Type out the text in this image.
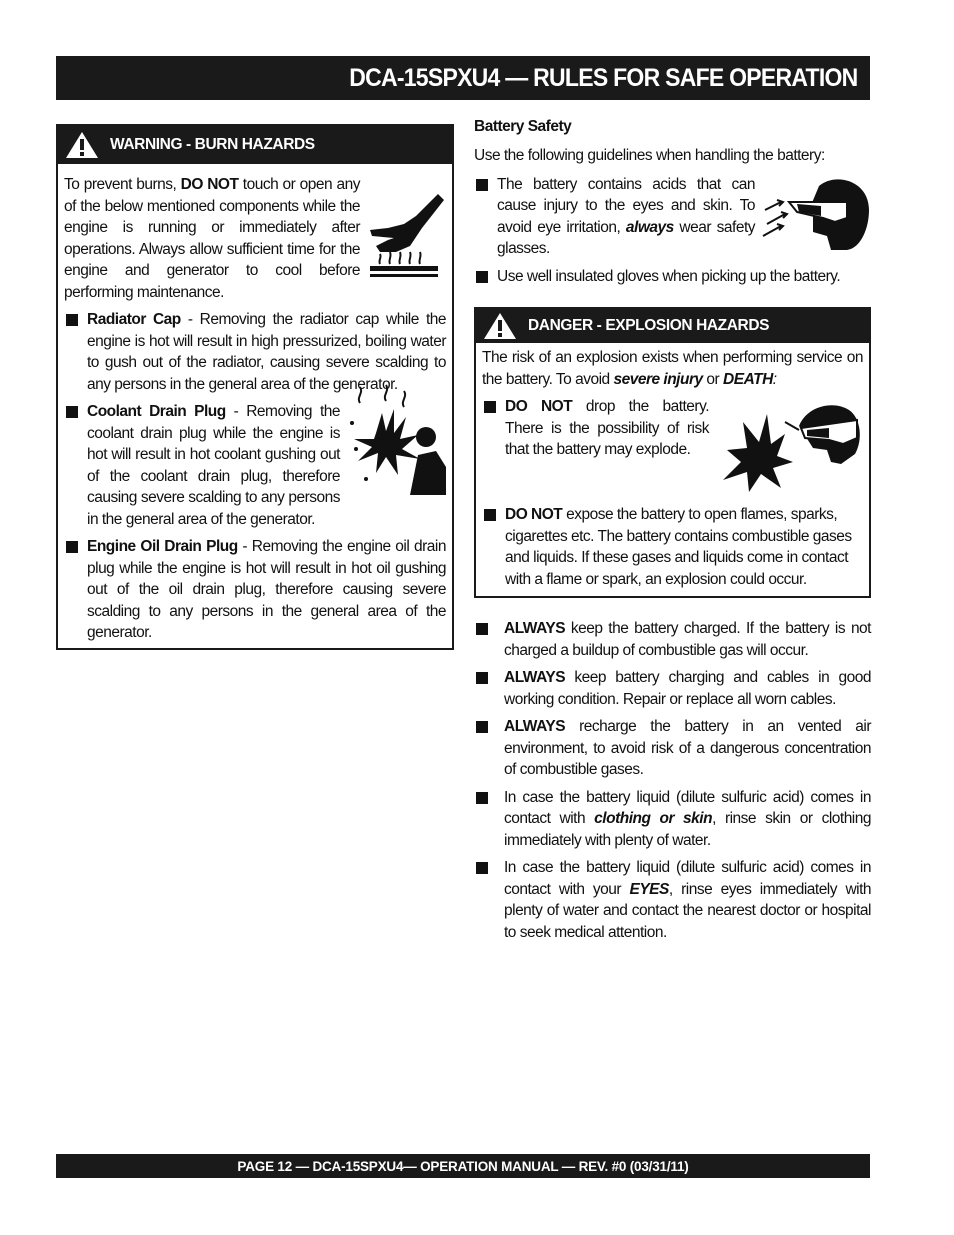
DCA-15SPXU4 — RULES FOR SAFE OPERATION
WARNING - BURN HAZARDS

To prevent burns, DO NOT touch or open any of the below mentioned components while the engine is running or immediately after operations. Always allow sufficient time for the engine and generator to cool before performing maintenance.

Radiator Cap - Removing the radiator cap while the engine is hot will result in high pressurized, boiling water to gush out of the radiator, causing severe scalding to any persons in the general area of the generator.
Coolant Drain Plug - Removing the coolant drain plug while the engine is hot will result in hot coolant gushing out of the coolant drain plug, therefore causing severe scalding to any persons in the general area of the generator.
Engine Oil Drain Plug - Removing the engine oil drain plug while the engine is hot will result in hot oil gushing out of the oil drain plug, therefore causing severe scalding to any persons in the general area of the generator.
Battery Safety

Use the following guidelines when handling the battery:

The battery contains acids that can cause injury to the eyes and skin. To avoid eye irritation, always wear safety glasses.
Use well insulated gloves when picking up the battery.
DANGER - EXPLOSION HAZARDS

The risk of an explosion exists when performing service on the battery. To avoid severe injury or DEATH:

DO NOT drop the battery. There is the possibility of risk that the battery may explode.
DO NOT expose the battery to open flames, sparks, cigarettes etc. The battery contains combustible gases and liquids. If these gases and liquids come in contact with a flame or spark, an explosion could occur.
ALWAYS keep the battery charged. If the battery is not charged a buildup of combustible gas will occur.
ALWAYS keep battery charging and cables in good working condition. Repair or replace all worn cables.
ALWAYS recharge the battery in an vented air environment, to avoid risk of a dangerous concentration of combustible gases.
In case the battery liquid (dilute sulfuric acid) comes in contact with clothing or skin, rinse skin or clothing immediately with plenty of water.
In case the battery liquid (dilute sulfuric acid) comes in contact with your EYES, rinse eyes immediately with plenty of water and contact the nearest doctor or hospital to seek medical attention.
PAGE 12 — DCA-15SPXU4— OPERATION MANUAL — REV. #0 (03/31/11)
